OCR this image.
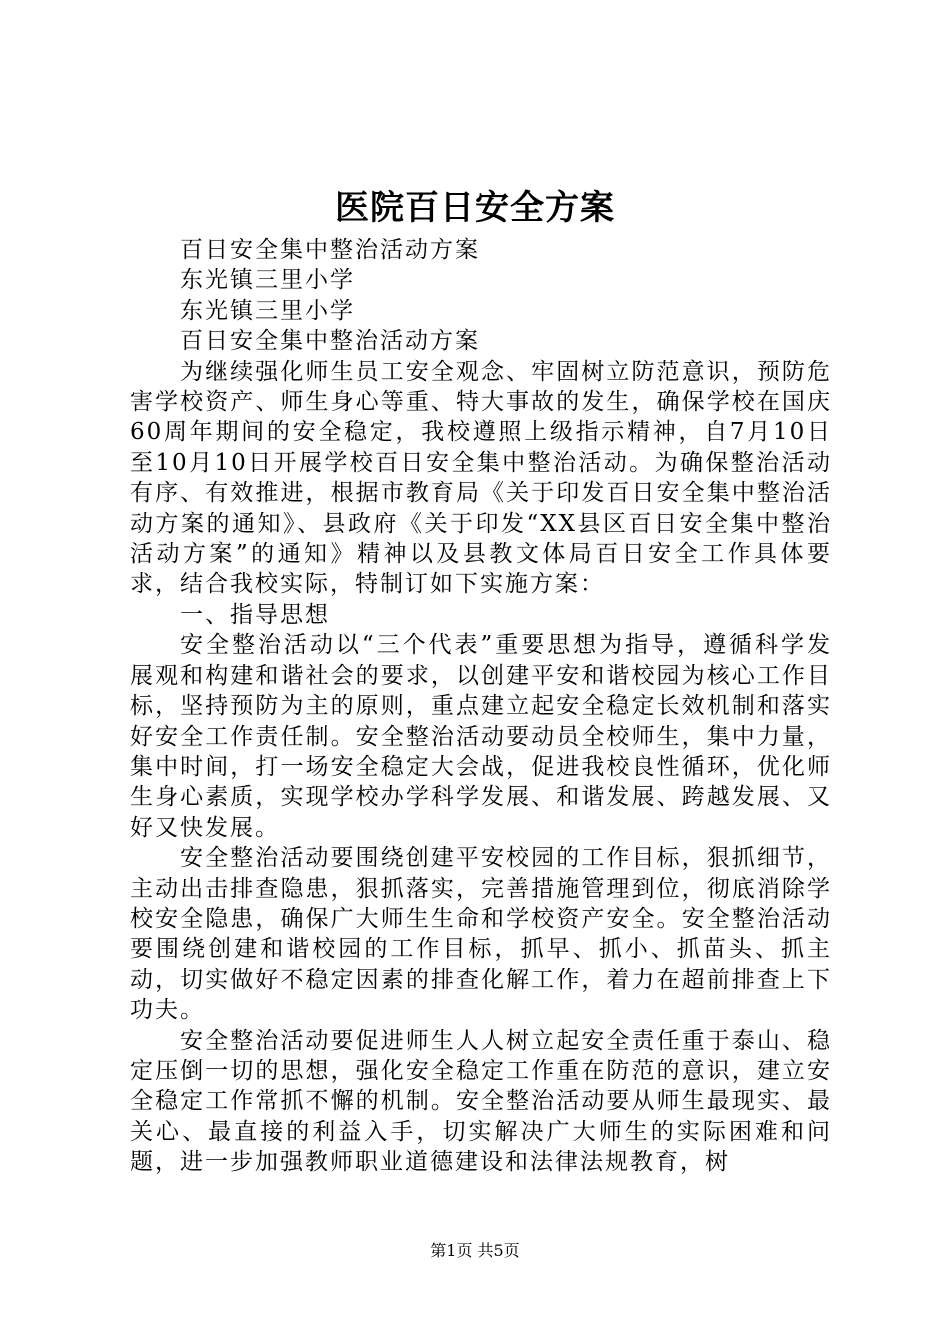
医院百日安全方案

百日安全集中整治活动方案

东光镇三里小学

东光镇三里小学

百日安全集中整治活动方案

为继续强化师生员工安全观念、牢固树立防范意识，预防危害学校资产、师生身心等重、特大事故的发生，确保学校在国庆60周年期间的安全稳定，我校遵照上级指示精神，自7月10日至10月10日开展学校百日安全集中整治活动。为确保整治活动有序、有效推进，根据市教育局《关于印发百日安全集中整治活动方案的通知》、县政府《关于印发“XX县区百日安全集中整治活动方案”的通知》精神以及县教文体局百日安全工作具体要求，结合我校实际，特制订如下实施方案：

一、指导思想

安全整治活动以“三个代表”重要思想为指导，遵循科学发展观和构建和谐社会的要求，以创建平安和谐校园为核心工作目标，坚持预防为主的原则，重点建立起安全稳定长效机制和落实好安全工作责任制。安全整治活动要动员全校师生，集中力量，集中时间，打一场安全稳定大会战，促进我校良性循环，优化师生身心素质，实现学校办学科学发展、和谐发展、跨越发展、又好又快发展。

安全整治活动要围绕创建平安校园的工作目标，狠抓细节，主动出击排查隐患，狠抓落实，完善措施管理到位，彻底消除学校安全隐患，确保广大师生生命和学校资产安全。安全整治活动要围绕创建和谐校园的工作目标，抓早、抓小、抓苗头、抓主动，切实做好不稳定因素的排查化解工作，着力在超前排查上下功夫。

安全整治活动要促进师生人人树立起安全责任重于泰山、稳定压倒一切的思想，强化安全稳定工作重在防范的意识，建立安全稳定工作常抓不懈的机制。安全整治活动要从师生最现实、最关心、最直接的利益入手，切实解决广大师生的实际困难和问题，进一步加强教师职业道德建设和法律法规教育，树

第1页 共5页
